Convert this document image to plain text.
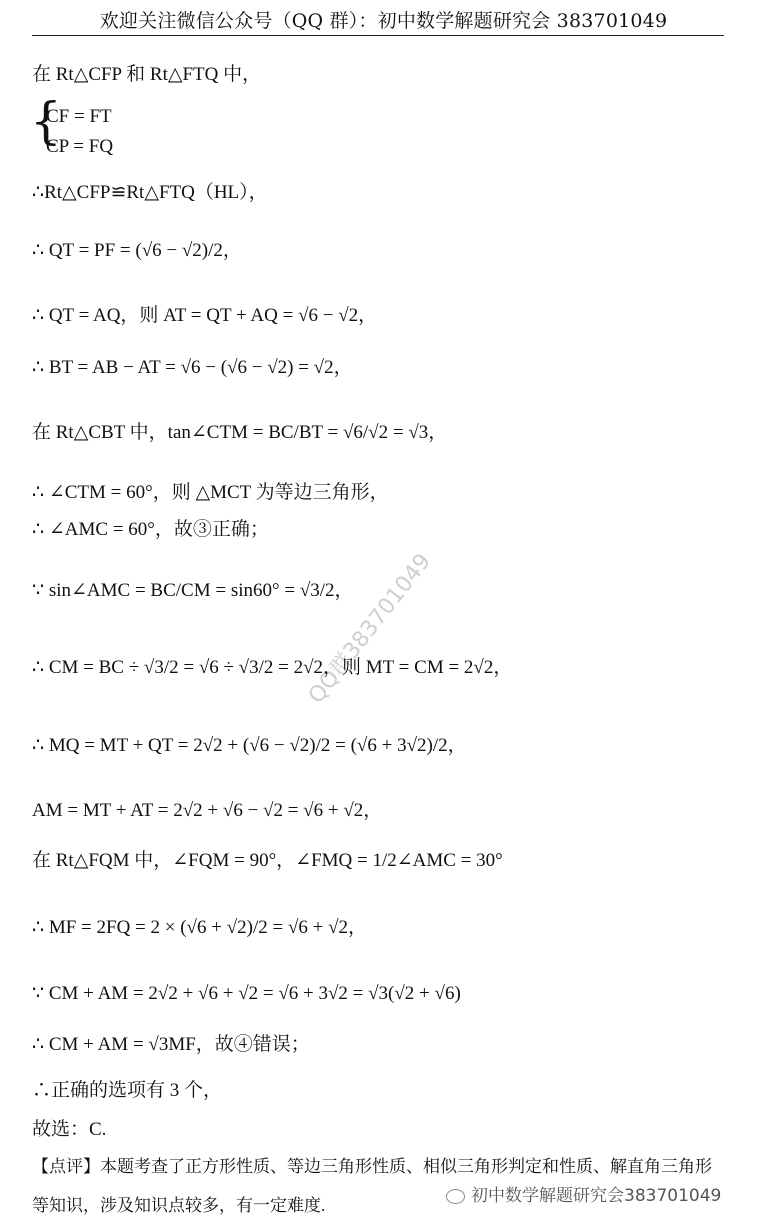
欢迎关注微信公众号（QQ 群）：初中数学解题研究会 383701049
QQ群383701049
在 Rt△CFP 和 Rt△FTQ 中，
{
CF = FT
CP = FQ
∴Rt△CFP≌Rt△FTQ（HL），
∴ QT = PF = (√6 − √2)/2，
∴ QT = AQ，则 AT = QT + AQ = √6 − √2，
∴ BT = AB − AT = √6 − (√6 − √2) = √2，
在 Rt△CBT 中，tan∠CTM = BC/BT = √6/√2 = √3，
∴ ∠CTM = 60°，则 △MCT 为等边三角形，
∴ ∠AMC = 60°，故③正确；
∵ sin∠AMC = BC/CM = sin60° = √3/2，
∴ CM = BC ÷ √3/2 = √6 ÷ √3/2 = 2√2，则 MT = CM = 2√2，
∴ MQ = MT + QT = 2√2 + (√6 − √2)/2 = (√6 + 3√2)/2，
AM = MT + AT = 2√2 + √6 − √2 = √6 + √2，
在 Rt△FQM 中，∠FQM = 90°，∠FMQ = 1/2∠AMC = 30°
∴ MF = 2FQ = 2 × (√6 + √2)/2 = √6 + √2，
∵ CM + AM = 2√2 + √6 + √2 = √6 + 3√2 = √3(√2 + √6)
∴ CM + AM = √3MF，故④错误；
∴正确的选项有 3 个，
故选：C.
【点评】本题考查了正方形性质、等边三角形性质、相似三角形判定和性质、解直角三角形
等知识，涉及知识点较多，有一定难度.	初中数学解题研究会383701049
